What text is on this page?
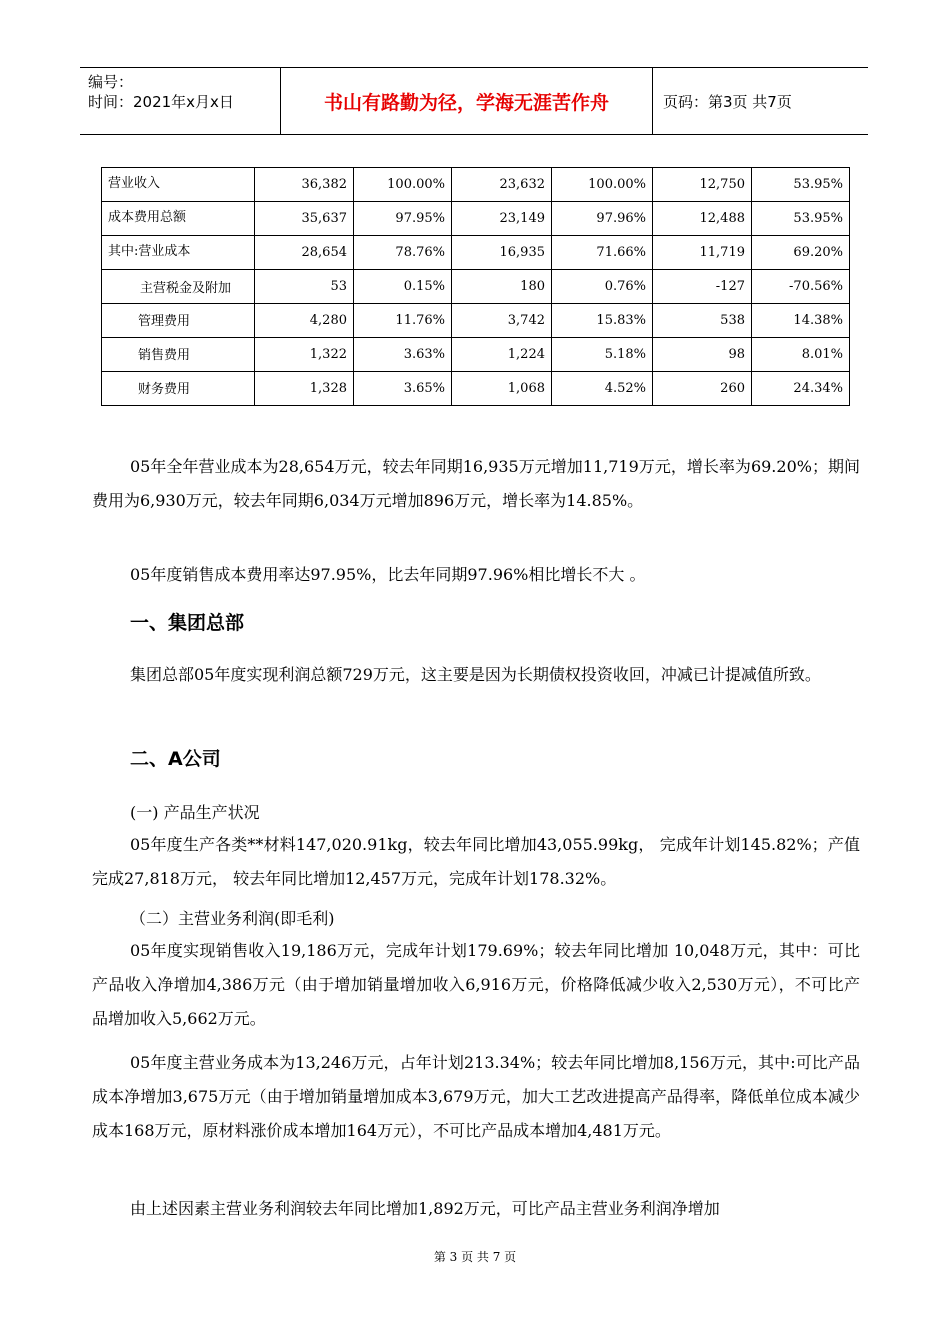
编号：
时间：2021年x月x日	书山有路勤为径，学海无涯苦作舟	页码：第3页 共7页
营业收入	36,382	100.00%	23,632	100.00%	12,750	53.95%
成本费用总额	35,637	97.95%	23,149	97.96%	12,488	53.95%
其中:营业成本	28,654	78.76%	16,935	71.66%	11,719	69.20%
主营税金及附加	53	0.15%	180	0.76%	-127	-70.56%
管理费用	4,280	11.76%	3,742	15.83%	538	14.38%
销售费用	1,322	3.63%	1,224	5.18%	98	8.01%
财务费用	1,328	3.65%	1,068	4.52%	260	24.34%

05年全年营业成本为28,654万元，较去年同期16,935万元增加11,719万元，增长率为69.20%；期间费用为6,930万元，较去年同期6,034万元增加896万元，增长率为14.85%。

05年度销售成本费用率达97.95%，比去年同期97.96%相比增长不大 。

一、集团总部

集团总部05年度实现利润总额729万元，这主要是因为长期债权投资收回，冲减已计提减值所致。

二、A公司

(一) 产品生产状况

05年度生产各类**材料147,020.91kg，较去年同比增加43,055.99kg， 完成年计划145.82%；产值完成27,818万元， 较去年同比增加12,457万元，完成年计划178.32%。

（二）主营业务利润(即毛利)

05年度实现销售收入19,186万元，完成年计划179.69%；较去年同比增加 10,048万元，其中：可比产品收入净增加4,386万元（由于增加销量增加收入6,916万元，价格降低减少收入2,530万元），不可比产品增加收入5,662万元。

05年度主营业务成本为13,246万元，占年计划213.34%；较去年同比增加8,156万元，其中:可比产品成本净增加3,675万元（由于增加销量增加成本3,679万元，加大工艺改进提高产品得率，降低单位成本减少成本168万元，原材料涨价成本增加164万元），不可比产品成本增加4,481万元。

由上述因素主营业务利润较去年同比增加1,892万元，可比产品主营业务利润净增加

第 3 页 共 7 页
